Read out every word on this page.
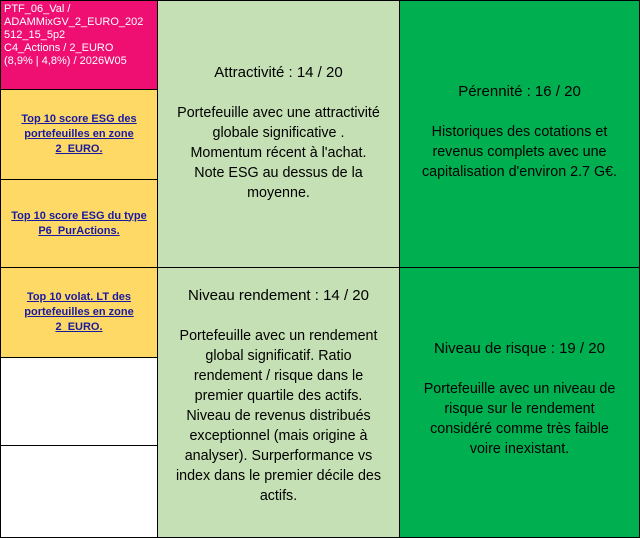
PTF_06_Val /
ADAMMixGV_2_EURO_202
512_15_5p2
C4_Actions / 2_EURO
(8,9% | 4,8%) / 2026W05
Top 10 score ESG des portefeuilles en zone 2_EURO.
Top 10 score ESG du type P6_PurActions.
Top 10 volat. LT des portefeuilles en zone 2_EURO.

Attractivité : 14 / 20

Portefeuille avec une attractivité

globale significative .

Momentum récent à l'achat.

Note ESG au dessus de la

moyenne.

Pérennité : 16 / 20

Historiques des cotations et

revenus complets avec une

capitalisation d'environ 2.7 G€.

Niveau rendement : 14 / 20

Portefeuille avec un rendement

global significatif. Ratio

rendement / risque dans le

premier quartile des actifs.

Niveau de revenus distribués

exceptionnel (mais origine à

analyser). Surperformance vs

index dans le premier décile des

actifs.

Niveau de risque : 19 / 20

Portefeuille avec un niveau de

risque sur le rendement

considéré comme très faible

voire inexistant.
